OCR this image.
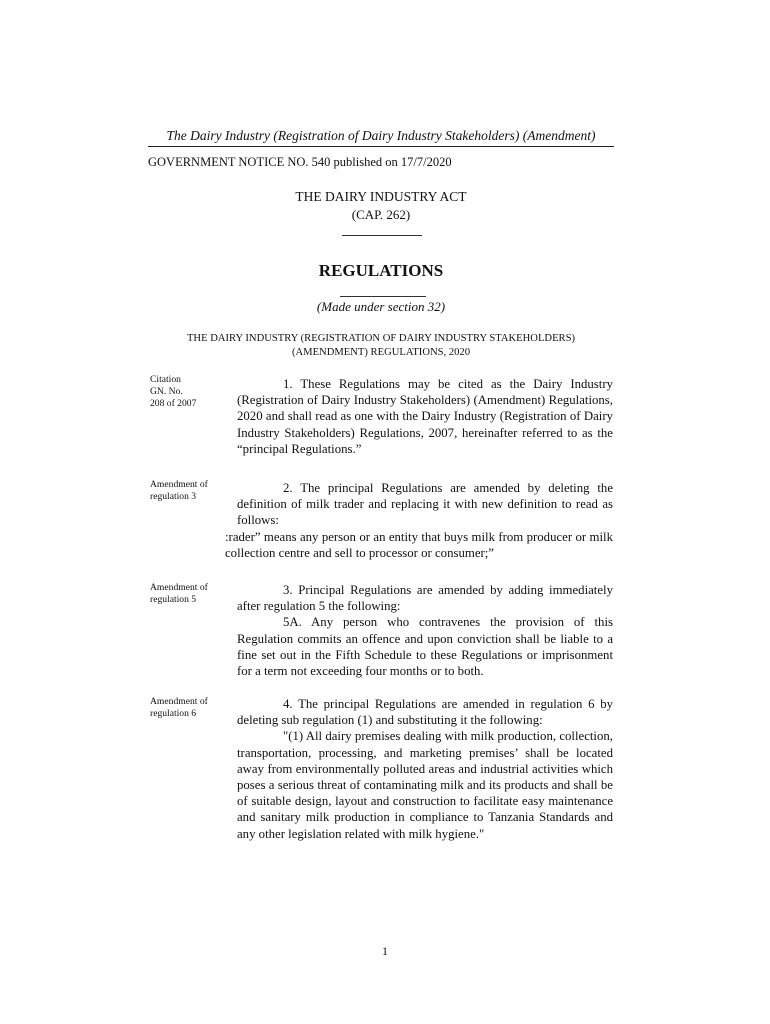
The Dairy Industry (Registration of Dairy Industry Stakeholders) (Amendment)
GOVERNMENT NOTICE NO. 540 published on 17/7/2020
THE DAIRY INDUSTRY ACT
(CAP. 262)
REGULATIONS
(Made under section 32)
THE DAIRY INDUSTRY (REGISTRATION OF DAIRY INDUSTRY STAKEHOLDERS)
(AMENDMENT) REGULATIONS, 2020
Citation
GN. No.
208 of 2007

1. These Regulations may be cited as the Dairy Industry (Registration of Dairy Industry Stakeholders) (Amendment) Regulations, 2020 and shall read as one with the Dairy Industry (Registration of Dairy Industry Stakeholders) Regulations, 2007, hereinafter referred to as the “principal Regulations.”

Amendment of
regulation 3

2. The principal Regulations are amended by deleting the definition of milk trader and replacing it with new definition to read as follows:

:rader” means any person or an entity that buys milk from producer or milk collection centre and sell to processor or consumer;”

Amendment of
regulation 5

3. Principal Regulations are amended by adding immediately after regulation 5 the following:

5A. Any person who contravenes the provision of this Regulation commits an offence and upon conviction shall be liable to a fine set out in the Fifth Schedule to these Regulations or imprisonment for a term not exceeding four months or to both.

Amendment of
regulation 6

4. The principal Regulations are amended in regulation 6 by deleting sub regulation (1) and substituting it the following:

"(1) All dairy premises dealing with milk production, collection, transportation, processing, and marketing premises’ shall be located away from environmentally polluted areas and industrial activities which poses a serious threat of contaminating milk and its products and shall be of suitable design, layout and construction to facilitate easy maintenance and sanitary milk production in compliance to Tanzania Standards and any other legislation related with milk hygiene."

1
